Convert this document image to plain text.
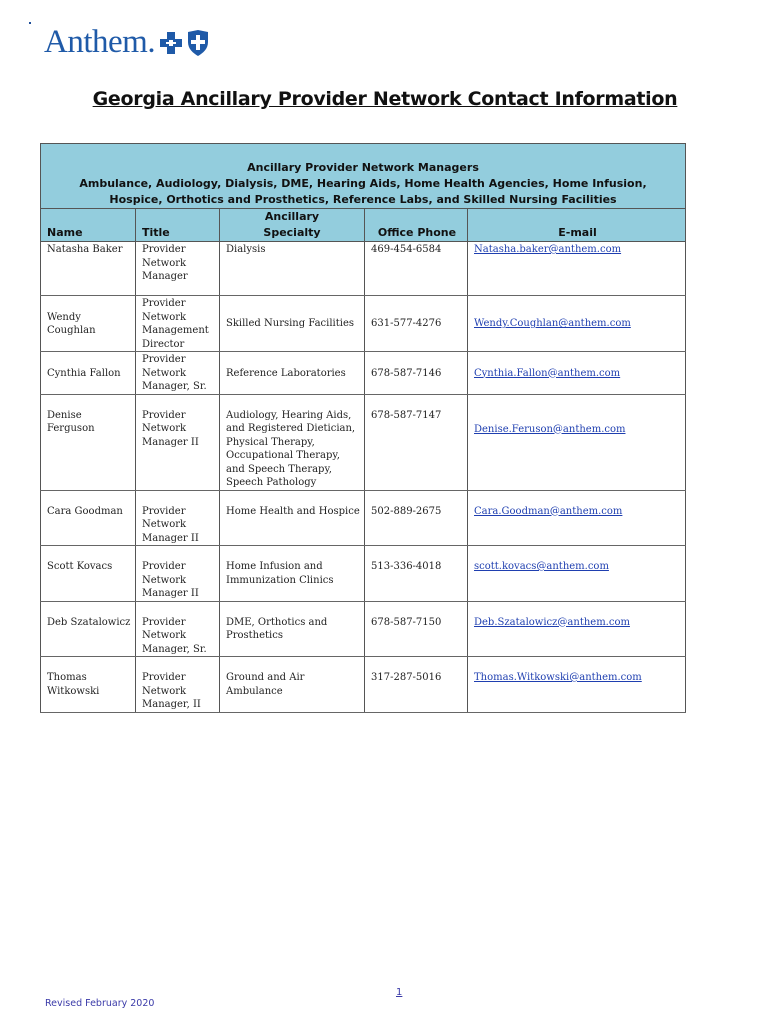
Anthem.
Georgia Ancillary Provider Network Contact Information
Ancillary Provider Network Managers
Ambulance, Audiology, Dialysis, DME, Hearing Aids, Home Health Agencies, Home Infusion, Hospice, Orthotics and Prosthetics, Reference Labs, and Skilled Nursing Facilities				

Name	Title	Ancillary Specialty	Office Phone	E-mail
Natasha Baker	Provider Network Manager	Dialysis	469-454-6584	Natasha.baker@anthem.com
Wendy Coughlan	Provider Network Management Director	Skilled Nursing Facilities	631-577-4276	Wendy.Coughlan@anthem.com
Cynthia Fallon	Provider Network Manager, Sr.	Reference Laboratories	678-587-7146	Cynthia.Fallon@anthem.com
Denise Ferguson	Provider Network Manager II	Audiology, Hearing Aids, and Registered Dietician, Physical Therapy, Occupational Therapy, and Speech Therapy, Speech Pathology	678-587-7147	Denise.Feruson@anthem.com
Cara Goodman	Provider Network Manager II	Home Health and Hospice	502-889-2675	Cara.Goodman@anthem.com
Scott Kovacs	Provider Network Manager II	Home Infusion and Immunization Clinics	513-336-4018	scott.kovacs@anthem.com
Deb Szatalowicz	Provider Network Manager, Sr.	DME, Orthotics and Prosthetics	678-587-7150	Deb.Szatalowicz@anthem.com
Thomas Witkowski	Provider Network Manager, II	Ground and Air Ambulance	317-287-5016	Thomas.Witkowski@anthem.com
1
Revised February 2020
